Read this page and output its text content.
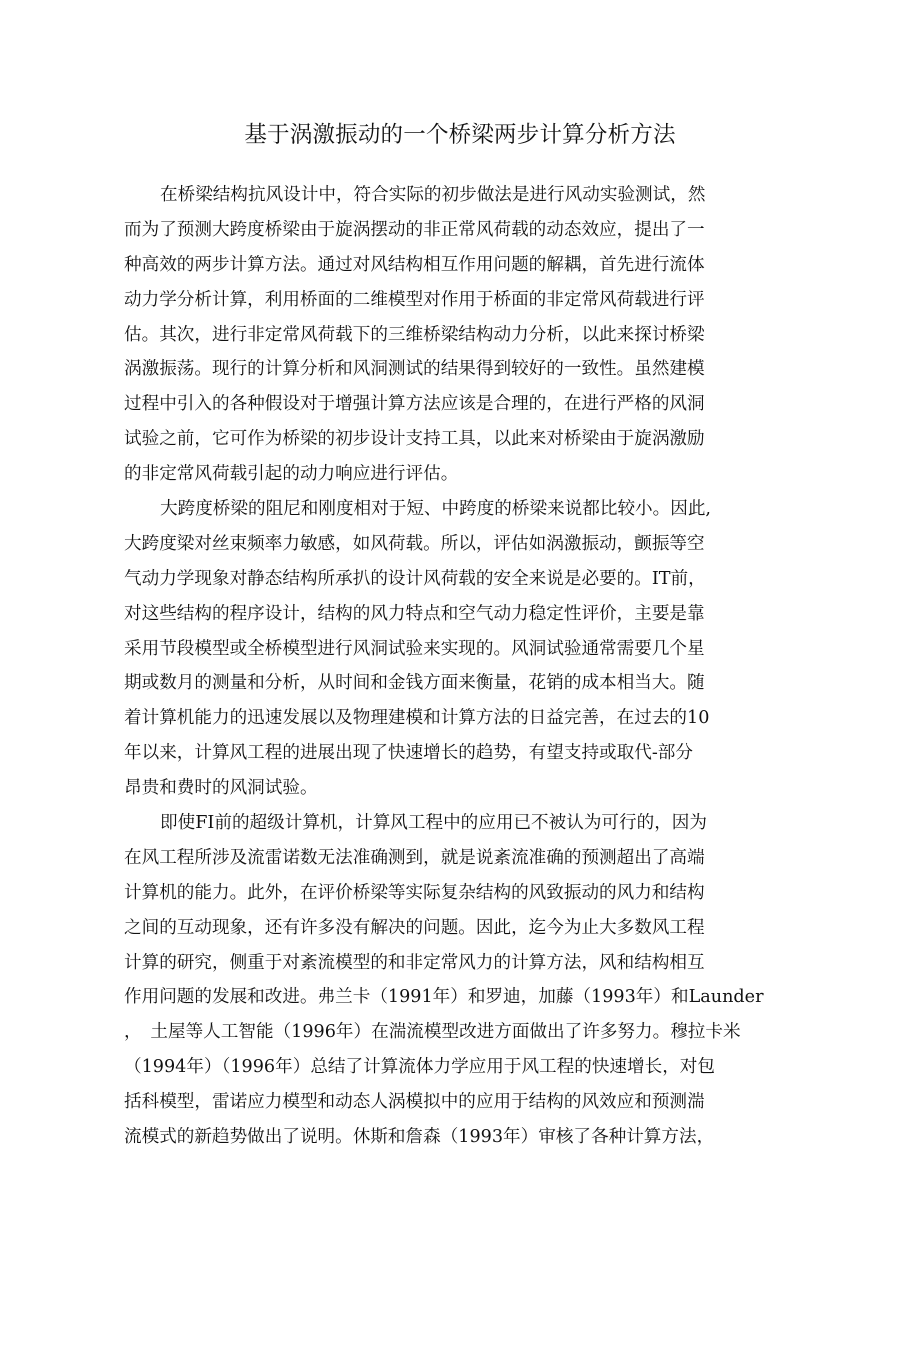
基于涡激振动的一个桥梁两步计算分析方法
在桥梁结构抗风设计中，符合实际的初步做法是进行风动实验测试，然
而为了预测大跨度桥梁由于旋涡摆动的非正常风荷载的动态效应，提出了一
种高效的两步计算方法。通过对风结构相互作用问题的解耦，首先进行流体
动力学分析计算，利用桥面的二维模型对作用于桥面的非定常风荷载进行评
估。其次，进行非定常风荷载下的三维桥梁结构动力分析，以此来探讨桥梁
涡激振荡。现行的计算分析和风洞测试的结果得到较好的一致性。虽然建模
过程中引入的各种假设对于增强计算方法应该是合理的，在进行严格的风洞
试验之前，它可作为桥梁的初步设计支持工具，以此来对桥梁由于旋涡激励
的非定常风荷载引起的动力响应进行评估。
大跨度桥梁的阻尼和刚度相对于短、中跨度的桥梁来说都比较小。因此,
大跨度梁对丝束频率力敏感，如风荷载。所以，评估如涡激振动，颤振等空
气动力学现象对静态结构所承扒的设计风荷载的安全来说是必要的。IT前，
对这些结构的程序设计，结构的风力特点和空气动力稳定性评价，主要是靠
采用节段模型或全桥模型进行风洞试验来实现的。风洞试验通常需要几个星
期或数月的测量和分析，从时间和金钱方面来衡量，花销的成本相当大。随
着计算机能力的迅速发展以及物理建模和计算方法的日益完善，在过去的10
年以来，计算风工程的进展出现了快速增长的趋势，有望支持或取代-部分
昂贵和费时的风洞试验。
即使FI前的超级计算机，计算风工程中的应用已不被认为可行的，因为
在风工程所涉及流雷诺数无法准确测到，就是说紊流准确的预测超出了高端
计算机的能力。此外，在评价桥梁等实际复杂结构的风致振动的风力和结构
之间的互动现象，还有许多没有解决的问题。因此，迄今为止大多数风工程
计算的研究，侧重于对紊流模型的和非定常风力的计算方法，风和结构相互
作用问题的发展和改进。弗兰卡（1991年）和罗迪，加藤（1993年）和Launder
，　土屋等人工智能（1996年）在湍流模型改进方面做出了许多努力。穆拉卡米
（1994年）（1996年）总结了计算流体力学应用于风工程的快速增长，对包
括科模型，雷诺应力模型和动态人涡模拟中的应用于结构的风效应和预测湍
流模式的新趋势做出了说明。休斯和詹森（1993年）审核了各种计算方法，
